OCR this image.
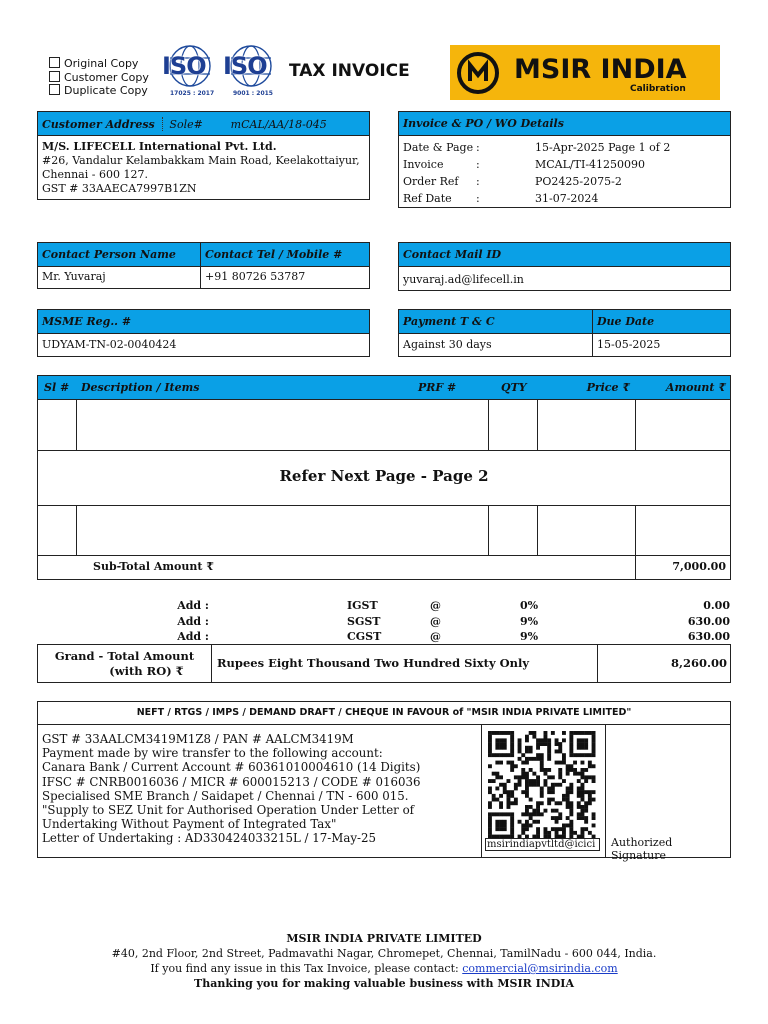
Original Copy
Customer Copy
Duplicate Copy
ISO
17025 : 2017
ISO
9001 : 2015
TAX INVOICE	MSIR INDIA
Calibration
Customer Address Sole#	mCAL/AA/18-045
M/S. LIFECELL International Pvt. Ltd.
#26, Vandalur Kelambakkam Main Road, Keelakottaiyur,
Chennai - 600 127.
GST # 33AAECA7997B1ZN
Invoice & PO / WO Details
Date & Page :	15-Apr-2025 Page 1 of 2
Invoice	:	MCAL/TI-41250090
Order Ref :	PO2425-2075-2
Ref Date :	31-07-2024
Contact Person Name	Contact Tel / Mobile #
Mr. Yuvaraj	+91 80726 53787
Contact Mail ID
yuvaraj.ad@lifecell.in
MSME Reg.. #
UDYAM-TN-02-0040424
Payment T & C	Due Date
Against 30 days	15-05-2025
Sl # Description / Items	PRF #	QTY	Price ₹	Amount ₹
Refer Next Page - Page 2
Sub-Total Amount ₹	7,000.00
Add :	IGST	@	0%	0.00
Add :	SGST	@	9%	630.00
Add :	CGST	@	9%	630.00
Grand - Total Amount
(with RO) ₹
Rupees Eight Thousand Two Hundred Sixty Only	8,260.00
NEFT / RTGS / IMPS / DEMAND DRAFT / CHEQUE IN FAVOUR of "MSIR INDIA PRIVATE LIMITED"
GST # 33AALCM3419M1Z8 / PAN # AALCM3419M
Payment made by wire transfer to the following account:
Canara Bank / Current Account # 60361010004610 (14 Digits)
IFSC # CNRB0016036 / MICR # 600015213 / CODE # 016036
Specialised SME Branch / Saidapet / Chennai / TN - 600 015.
"Supply to SEZ Unit for Authorised Operation Under Letter of
Undertaking Without Payment of Integrated Tax"
Letter of Undertaking : AD330424033215L / 17-May-25	msirindiapvtltd@icici	Authorized Signature
MSIR INDIA PRIVATE LIMITED
#40, 2nd Floor, 2nd Street, Padmavathi Nagar, Chromepet, Chennai, TamilNadu - 600 044, India.
If you find any issue in this Tax Invoice, please contact: commercial@msirindia.com
Thanking you for making valuable business with MSIR INDIA
